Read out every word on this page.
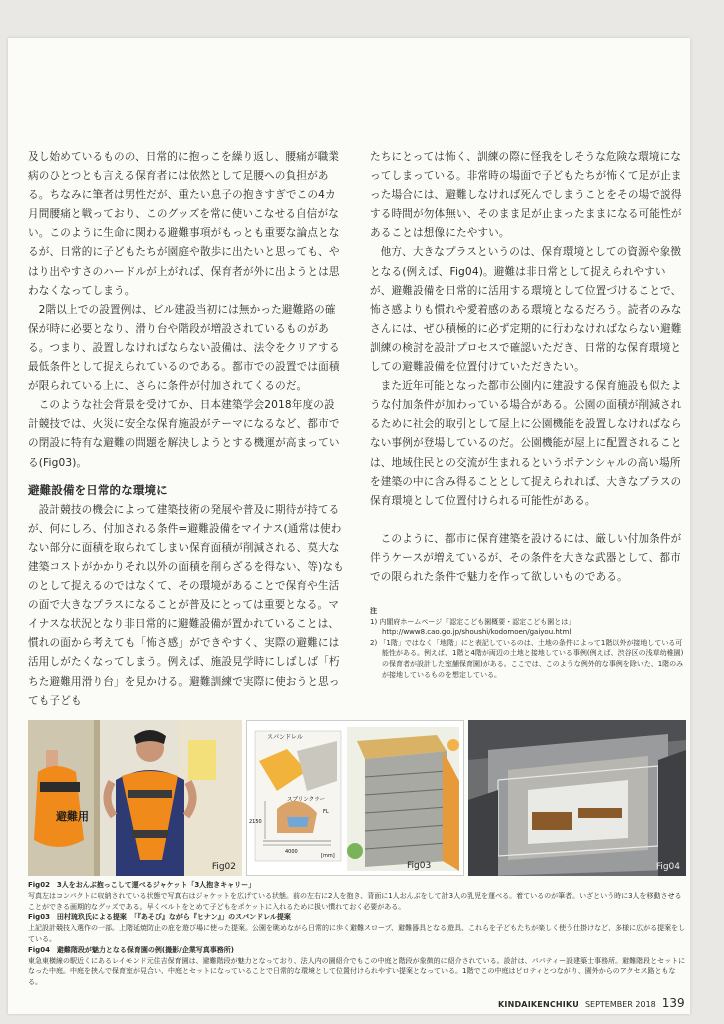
及し始めているものの、日常的に抱っこを繰り返し、腰痛が職業病のひとつとも言える保育者には依然として足腰への負担がある。ちなみに筆者は男性だが、重たい息子の抱きすぎでこの4カ月間腰痛と戦っており、このグッズを常に使いこなせる自信がない。このように生命に関わる避難事項がもっとも重要な論点となるが、日常的に子どもたちが園庭や散歩に出たいと思っても、やはり出やすさのハードルが上がれば、保育者が外に出ようとは思わなくなってしまう。

2階以上での設置例は、ビル建設当初には無かった避難路の確保が時に必要となり、滑り台や階段が増設されているものがある。つまり、設置しなければならない設備は、法令をクリアする最低条件として捉えられているのである。都市での設置では面積が限られている上に、さらに条件が付加されてくるのだ。

このような社会背景を受けてか、日本建築学会2018年度の設計競技では、火災に安全な保育施設がテーマになるなど、都市での閉設に特有な避難の問題を解決しようとする機運が高まっている(Fig03)。

避難設備を日常的な環境に

設計競技の機会によって建築技術の発展や普及に期待が持てるが、何にしろ、付加される条件=避難設備をマイナス(通常は使わない部分に面積を取られてしまい保育面積が削減される、莫大な建築コストがかかりそれ以外の面積を削らざるを得ない、等)なものとして捉えるのではなくて、その環境があることで保育や生活の面で大きなプラスになることが普及にとっては重要となる。マイナスな状況となり非日常的に避難設備が置かれていることは、慣れの面から考えても「怖さ感」ができやすく、実際の避難には活用しがたくなってしまう。例えば、施設見学時にしばしば「朽ちた避難用滑り台」を見かける。避難訓練で実際に使おうと思っても子ども

たちにとっては怖く、訓練の際に怪我をしそうな危険な環境になってしまっている。非常時の場面で子どもたちが怖くて足が止まった場合には、避難しなければ死んでしまうことをその場で説得する時間が勿体無い、そのまま足が止まったままになる可能性があることは想像にたやすい。

他方、大きなプラスというのは、保育環境としての資源や象徴となる(例えば、Fig04)。避難は非日常として捉えられやすいが、避難設備を日常的に活用する環境として位置づけることで、怖さ感よりも慣れや愛着感のある環境となるだろう。読者のみなさんには、ぜひ積極的に必ず定期的に行わなければならない避難訓練の検討を設計プロセスで確認いただき、日常的な保育環境としての避難設備を位置付けていただきたい。

また近年可能となった都市公園内に建設する保育施設も似たような付加条件が加わっている場合がある。公園の面積が削減されるために社会的取引として屋上に公園機能を設置しなければならない事例が登場しているのだ。公園機能が屋上に配置されることは、地域住民との交流が生まれるというポテンシャルの高い場所を建築の中に含み得ることとして捉えられれば、大きなプラスの保育環境として位置付けられる可能性がある。

このように、都市に保育建築を設けるには、厳しい付加条件が伴うケースが増えているが、その条件を大きな武器として、都市での限られた条件で魅力を作って欲しいものである。

注
1) 内閣府ホームページ「認定こども園概要・認定こども園とは」
http://www8.cao.go.jp/shoushi/kodomoen/gaiyou.html
2) 「1階」ではなく「地階」にと表記しているのは、土地の条件によって1階以外が接地している可能性がある。例えば、1階と4階が両辺の土地と接地している事例(例えば、渋谷区の浅草幼稚園)の保育者が設計した室舗保育園)がある。ここでは、このような例外的な事例を除いた、1階のみが接地しているものを想定している。
避難用
Fig02
スパンドレル
スプリンクラー
2150
4000
FL
[mm]
Fig03	Fig04
Fig02　3人をおんぶ抱っこして運べるジャケット「3人抱きキャリー」
写真左はコンパクトに収納されている状態で写真右はジャケットを広げている状態。前の左右に2人を抱き、背面に1人おんぶをして計3人の乳児を運べる。着ているのが筆者。いざという時に3人を移動させることができる画期的なグッズである。早くベルトをとめて子どもをポケットに入れるために扱い慣れておく必要がある。
Fig03　田村琉玖氏による提案　「『あそび』ながら『ヒナン』」のスパンドレル提案
上記設計競技入選作の一部。上階延焼防止の庇を遊び場に使った提案。公園を眺めながら日常的に歩く避難スロープ、避難器具となる遊具、これらを子どもたちが楽しく使う仕掛けなど、多様に広がる提案をしている。
Fig04　避難階段が魅力となる保育園の例(撮影/企業写真事務所)
東急東横線の駅近くにあるレイモンド元住吉保育園は、避難階段が魅力となっており、法人内の園紹介でもこの中庭と階段が象徴的に紹介されている。設計は、パパティー設建築士事務所。避難階段とセットになった中庭。中庭を挟んで保育室が見合い、中庭とセットになっていることで日常的な環境として位置付けられやすい提案となっている。1階でこの中庭はピロティとつながり、園外からのアクセス路ともなる。
KINDAIKENCHIKU SEPTEMBER 2018 139
